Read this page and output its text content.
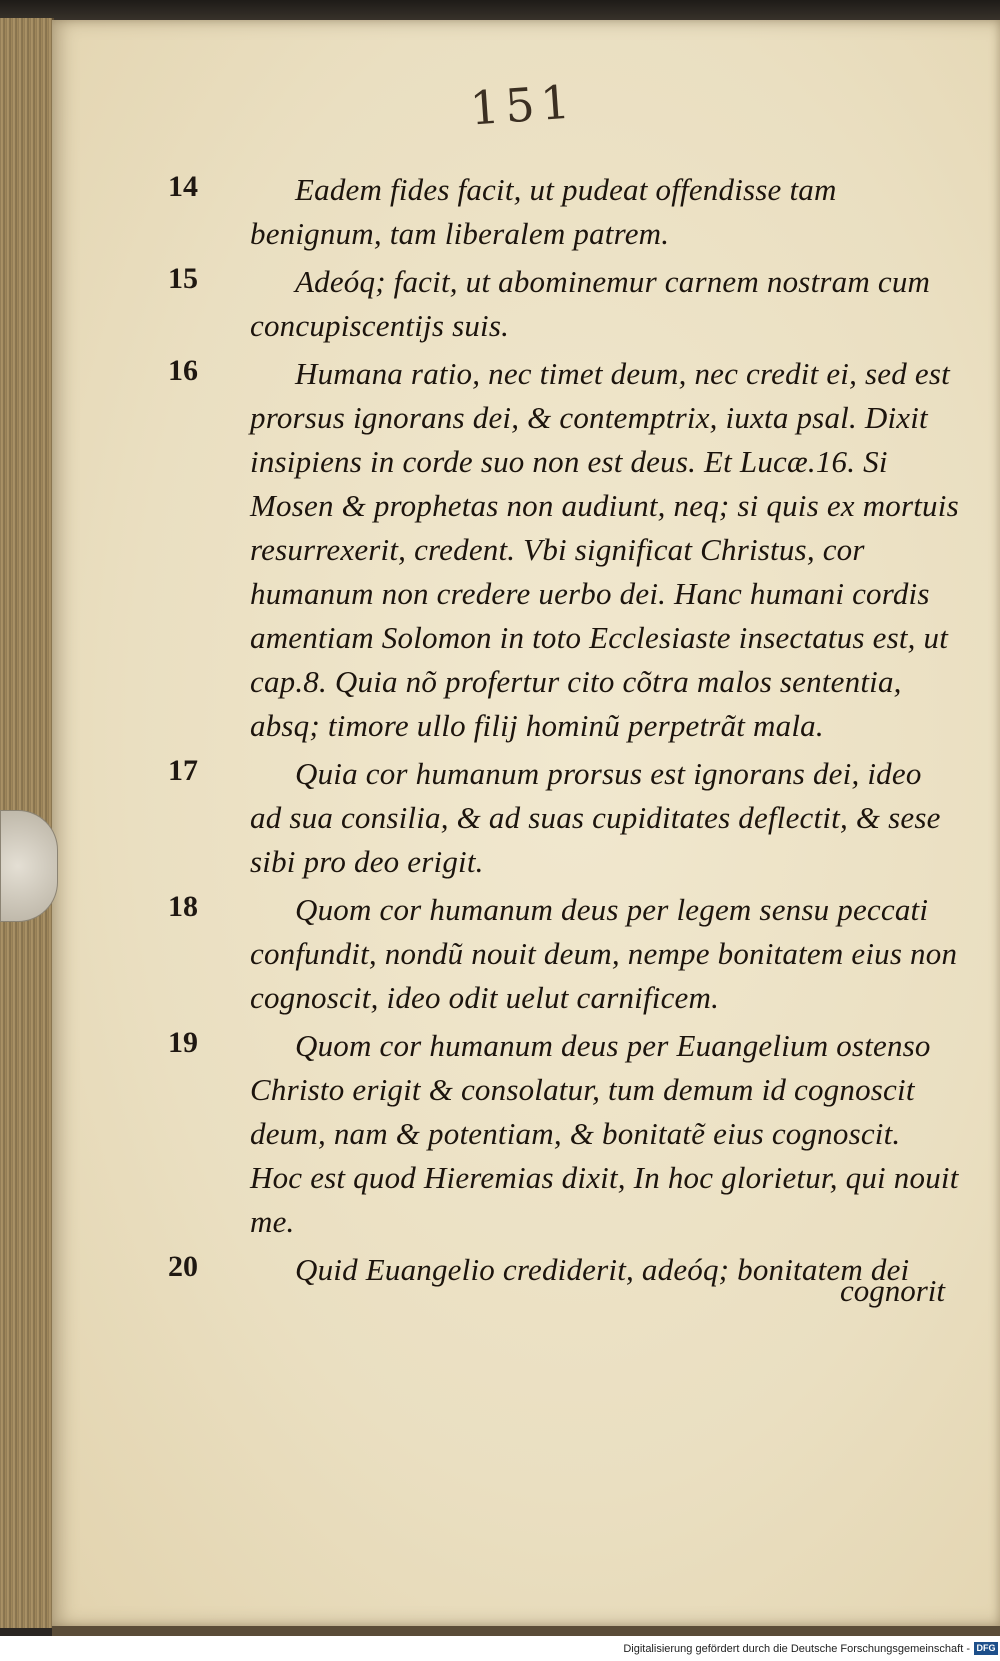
151
14	Eadem fides facit, ut pudeat offendisse tam benignum, tam liberalem patrem.

15	Adeóq; facit, ut abominemur carnem nostram cum concupiscentijs suis.

16	Humana ratio, nec timet deum, nec credit ei, sed est prorsus ignorans dei, & contemptrix, iuxta psal. Dixit insipiens in corde suo non est deus. Et Lucæ.16. Si Mosen & prophetas non audiunt, neq; si quis ex mortuis resurrexerit, credent. Vbi significat Christus, cor humanum non credere uerbo dei. Hanc humani cordis amentiam Solomon in toto Ecclesiaste insectatus est, ut cap.8. Quia nõ profertur cito cõtra malos sententia, absq; timore ullo filij hominũ perpetrãt mala.

17	Quia cor humanum prorsus est ignorans dei, ideo ad sua consilia, & ad suas cupiditates deflectit, & sese sibi pro deo erigit.

18	Quom cor humanum deus per legem sensu peccati confundit, nondũ nouit deum, nempe bonitatem eius non cognoscit, ideo odit uelut carnificem.

19	Quom cor humanum deus per Euangelium ostenso Christo erigit & consolatur, tum demum id cognoscit deum, nam & potentiam, & bonitatẽ eius cognoscit. Hoc est quod Hieremias dixit, In hoc glorietur, qui nouit me.

20	Quid Euangelio crediderit, adeóq; bonitatem dei

cognorit
Digitalisierung gefördert durch die Deutsche Forschungsgemeinschaft - DFG
